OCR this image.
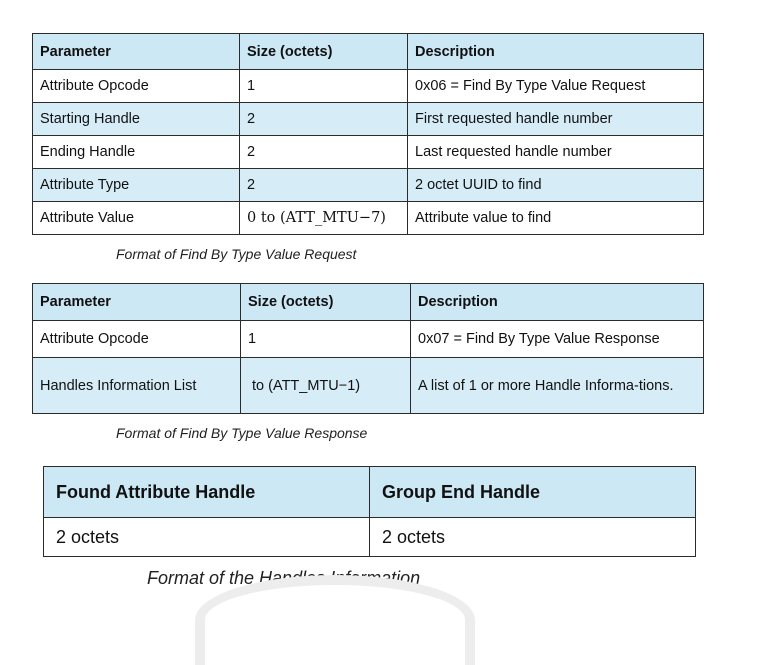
Parameter	Size (octets)	Description
Attribute Opcode	1	0x06 = Find By Type Value Request
Starting Handle	2	First requested handle number
Ending Handle	2	Last requested handle number
Attribute Type	2	2 octet UUID to find
Attribute Value	0 to (ATT_MTU−7)	Attribute value to find
Format of Find By Type Value Request
Parameter	Size (octets)	Description
Attribute Opcode	1	0x07 = Find By Type Value Response
Handles Information List	to (ATT_MTU−1)	A list of 1 or more Handle Informa-tions.
Format of Find By Type Value Response
Found Attribute Handle	Group End Handle
2 octets	2 octets
Format of the Handles Information
